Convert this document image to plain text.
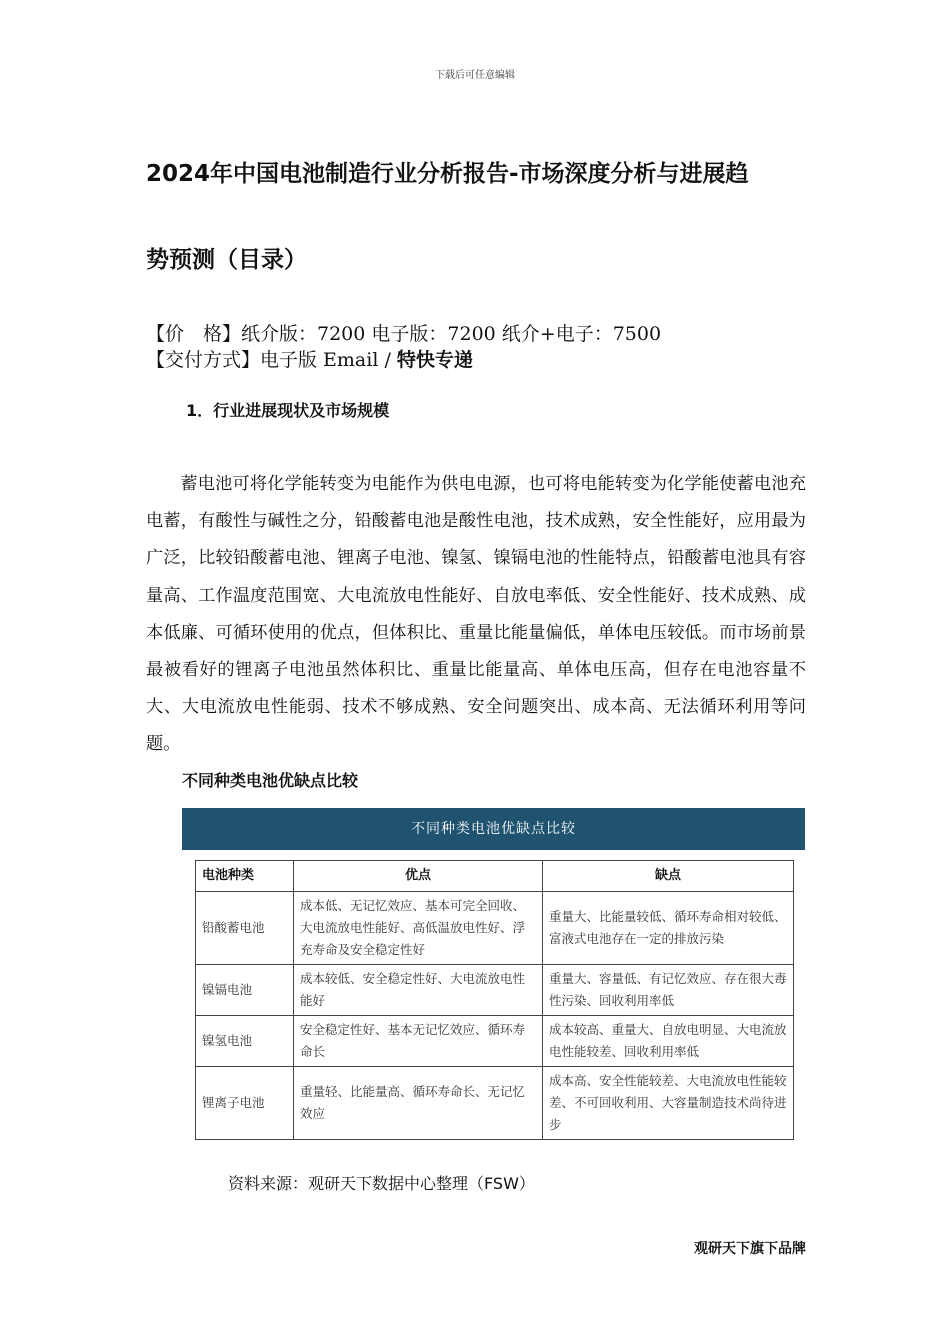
下载后可任意编辑
2024年中国电池制造行业分析报告-市场深度分析与进展趋
势预测（目录）
【价　格】纸介版：7200 电子版：7200 纸介+电子：7500
【交付方式】电子版 Email / 特快专递
1．行业进展现状及市场规模

蓄电池可将化学能转变为电能作为供电电源，也可将电能转变为化学能使蓄电池充电蓄，有酸性与碱性之分，铅酸蓄电池是酸性电池，技术成熟，安全性能好，应用最为广泛，比较铅酸蓄电池、锂离子电池、镍氢、镍镉电池的性能特点，铅酸蓄电池具有容量高、工作温度范围宽、大电流放电性能好、自放电率低、安全性能好、技术成熟、成本低廉、可循环使用的优点，但体积比、重量比能量偏低，单体电压较低。而市场前景最被看好的锂离子电池虽然体积比、重量比能量高、单体电压高，但存在电池容量不大、大电流放电性能弱、技术不够成熟、安全问题突出、成本高、无法循环利用等问题。

不同种类电池优缺点比较
不同种类电池优缺点比较
电池种类	优点	缺点
铅酸蓄电池	成本低、无记忆效应、基本可完全回收、大电流放电性能好、高低温放电性好、浮充寿命及安全稳定性好	重量大、比能量较低、循环寿命相对较低、富液式电池存在一定的排放污染
镍镉电池	成本较低、安全稳定性好、大电流放电性能好	重量大、容量低、有记忆效应、存在很大毒性污染、回收利用率低
镍氢电池	安全稳定性好、基本无记忆效应、循环寿命长	成本较高、重量大、自放电明显、大电流放电性能较差、回收利用率低
锂离子电池	重量轻、比能量高、循环寿命长、无记忆效应	成本高、安全性能较差、大电流放电性能较差、不可回收利用、大容量制造技术尚待进步
资料来源：观研天下数据中心整理（FSW）
观研天下旗下品牌
